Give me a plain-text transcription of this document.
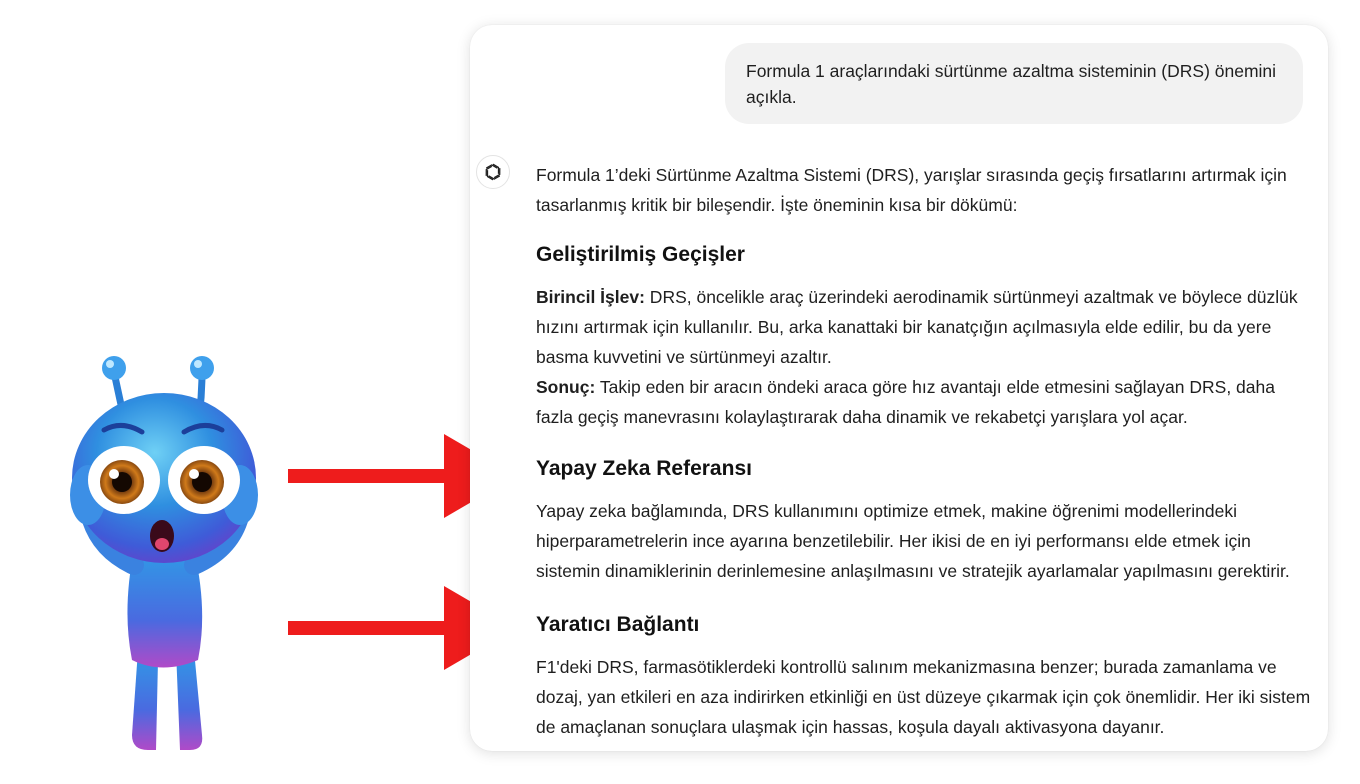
Formula 1 araçlarındaki sürtünme azaltma sisteminin (DRS) önemini açıkla.

Formula 1’deki Sürtünme Azaltma Sistemi (DRS), yarışlar sırasında geçiş fırsatlarını artırmak için tasarlanmış kritik bir bileşendir. İşte öneminin kısa bir dökümü:

Geliştirilmiş Geçişler

Birincil İşlev: DRS, öncelikle araç üzerindeki aerodinamik sürtünmeyi azaltmak ve böylece düzlük hızını artırmak için kullanılır. Bu, arka kanattaki bir kanatçığın açılmasıyla elde edilir, bu da yere basma kuvvetini ve sürtünmeyi azaltır.

Sonuç: Takip eden bir aracın öndeki araca göre hız avantajı elde etmesini sağlayan DRS, daha fazla geçiş manevrasını kolaylaştırarak daha dinamik ve rekabetçi yarışlara yol açar.

Yapay Zeka Referansı

Yapay zeka bağlamında, DRS kullanımını optimize etmek, makine öğrenimi modellerindeki hiperparametrelerin ince ayarına benzetilebilir. Her ikisi de en iyi performansı elde etmek için sistemin dinamiklerinin derinlemesine anlaşılmasını ve stratejik ayarlamalar yapılmasını gerektirir.

Yaratıcı Bağlantı

F1'deki DRS, farmasötiklerdeki kontrollü salınım mekanizmasına benzer; burada zamanlama ve dozaj, yan etkileri en aza indirirken etkinliği en üst düzeye çıkarmak için çok önemlidir. Her iki sistem de amaçlanan sonuçlara ulaşmak için hassas, koşula dayalı aktivasyona dayanır.
